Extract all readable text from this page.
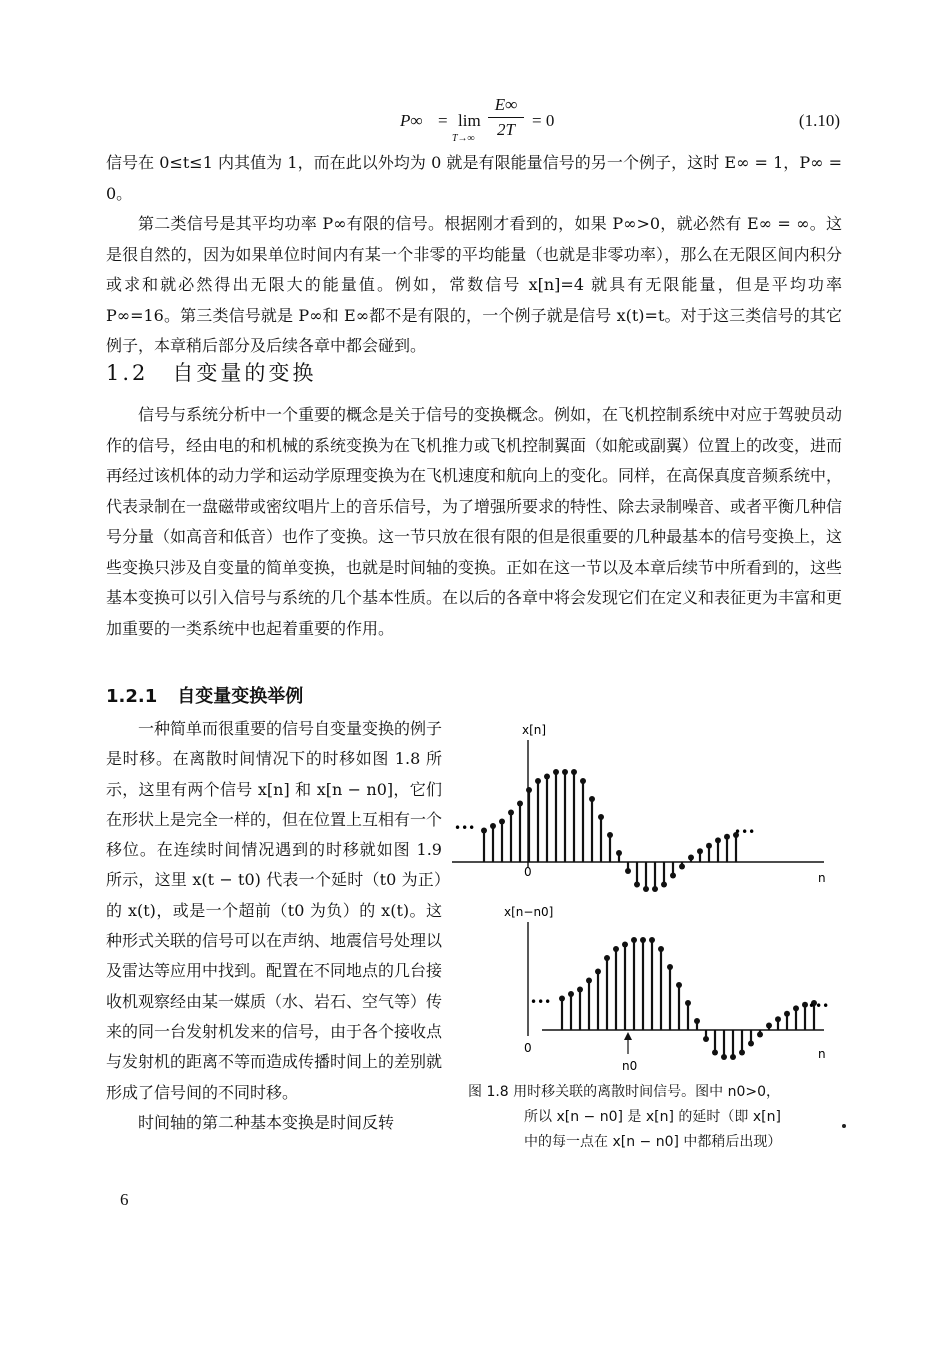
P∞ = lim
T→∞
E∞
2T	= 0	(1.10)

信号在 0≤t≤1 内其值为 1，而在此以外均为 0 就是有限能量信号的另一个例子，这时 E∞ = 1，P∞ = 0。

第二类信号是其平均功率 P∞有限的信号。根据刚才看到的，如果 P∞>0，就必然有 E∞ = ∞。这是很自然的，因为如果单位时间内有某一个非零的平均能量（也就是非零功率），那么在无限区间内积分或求和就必然得出无限大的能量值。例如，常数信号 x[n]=4 就具有无限能量，但是平均功率 P∞=16。第三类信号就是 P∞和 E∞都不是有限的，一个例子就是信号 x(t)=t。对于这三类信号的其它例子，本章稍后部分及后续各章中都会碰到。

1.2 自变量的变换

信号与系统分析中一个重要的概念是关于信号的变换概念。例如，在飞机控制系统中对应于驾驶员动作的信号，经由电的和机械的系统变换为在飞机推力或飞机控制翼面（如舵或副翼）位置上的改变，进而再经过该机体的动力学和运动学原理变换为在飞机速度和航向上的变化。同样，在高保真度音频系统中，代表录制在一盘磁带或密纹唱片上的音乐信号，为了增强所要求的特性、除去录制噪音、或者平衡几种信号分量（如高音和低音）也作了变换。这一节只放在很有限的但是很重要的几种最基本的信号变换上，这些变换只涉及自变量的简单变换，也就是时间轴的变换。正如在这一节以及本章后续节中所看到的，这些基本变换可以引入信号与系统的几个基本性质。在以后的各章中将会发现它们在定义和表征更为丰富和更加重要的一类系统中也起着重要的作用。

1.2.1 自变量变换举例

一种简单而很重要的信号自变量变换的例子是时移。在离散时间情况下的时移如图 1.8 所示，这里有两个信号 x[n] 和 x[n − n0]，它们在形状上是完全一样的，但在位置上互相有一个移位。在连续时间情况遇到的时移就如图 1.9 所示，这里 x(t − t0) 代表一个延时（t0 为正）的 x(t)，或是一个超前（t0 为负）的 x(t)。这种形式关联的信号可以在声纳、地震信号处理以及雷达等应用中找到。配置在不同地点的几台接收机观察经由某一媒质（水、岩石、空气等）传来的同一台发射机发来的信号，由于各个接收点与发射机的距离不等而造成传播时间上的差别就形成了信号间的不同时移。

时间轴的第二种基本变换是时间反转

x[n]
0	n
x[n−n0]
0	n
n0
•••	•••
•••	•••
图 1.8 用时移关联的离散时间信号。图中 n0>0，
所以 x[n − n0] 是 x[n] 的延时（即 x[n]
中的每一点在 x[n − n0] 中都稍后出现）
6
